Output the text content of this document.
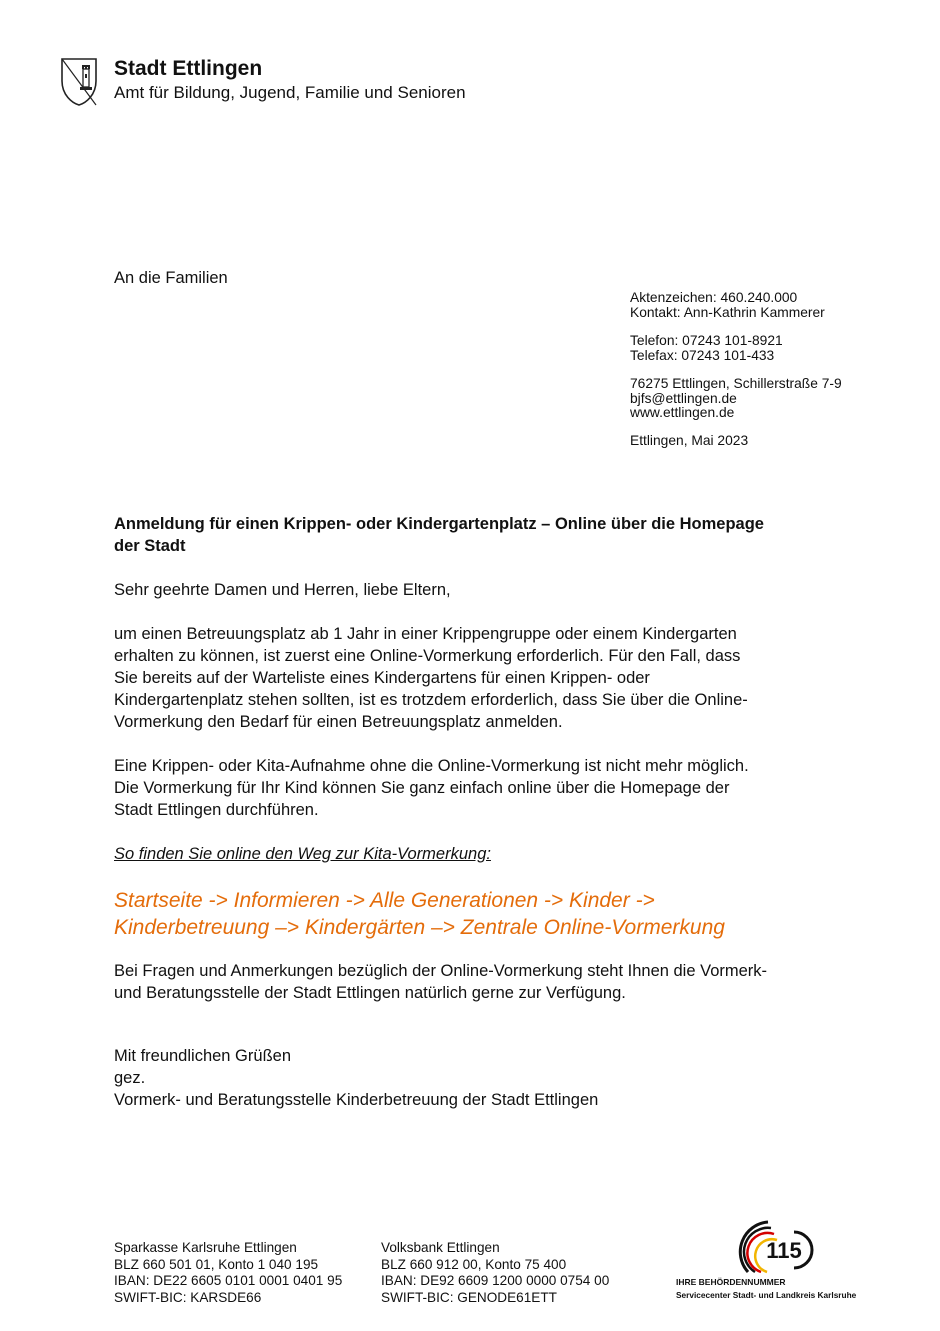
Stadt Ettlingen
Amt für Bildung, Jugend, Familie und Senioren
An die Familien
Aktenzeichen: 460.240.000
Kontakt: Ann-Kathrin Kammerer
Telefon: 07243 101-8921
Telefax: 07243 101-433
76275 Ettlingen, Schillerstraße 7-9
bjfs@ettlingen.de
www.ettlingen.de
Ettlingen, Mai 2023
Anmeldung für einen Krippen- oder Kindergartenplatz – Online über die Homepage
der Stadt
Sehr geehrte Damen und Herren, liebe Eltern,
um einen Betreuungsplatz ab 1 Jahr in einer Krippengruppe oder einem Kindergarten
erhalten zu können, ist zuerst eine Online-Vormerkung erforderlich. Für den Fall, dass
Sie bereits auf der Warteliste eines Kindergartens für einen Krippen- oder
Kindergartenplatz stehen sollten, ist es trotzdem erforderlich, dass Sie über die Online-
Vormerkung den Bedarf für einen Betreuungsplatz anmelden.
Eine Krippen- oder Kita-Aufnahme ohne die Online-Vormerkung ist nicht mehr möglich.
Die Vormerkung für Ihr Kind können Sie ganz einfach online über die Homepage der
Stadt Ettlingen durchführen.
So finden Sie online den Weg zur Kita-Vormerkung:
Startseite -> Informieren -> Alle Generationen -> Kinder ->
Kinderbetreuung –> Kindergärten –> Zentrale Online-Vormerkung
Bei Fragen und Anmerkungen bezüglich der Online-Vormerkung steht Ihnen die Vormerk-
und Beratungsstelle der Stadt Ettlingen natürlich gerne zur Verfügung.
Mit freundlichen Grüßen
gez.
Vormerk- und Beratungsstelle Kinderbetreuung der Stadt Ettlingen
Sparkasse Karlsruhe Ettlingen
BLZ 660 501 01, Konto 1 040 195
IBAN: DE22 6605 0101 0001 0401 95
SWIFT-BIC: KARSDE66
Volksbank Ettlingen
BLZ 660 912 00, Konto 75 400
IBAN: DE92 6609 1200 0000 0754 00
SWIFT-BIC: GENODE61ETT
115
IHRE BEHÖRDENNUMMER
Servicecenter Stadt- und Landkreis Karlsruhe
